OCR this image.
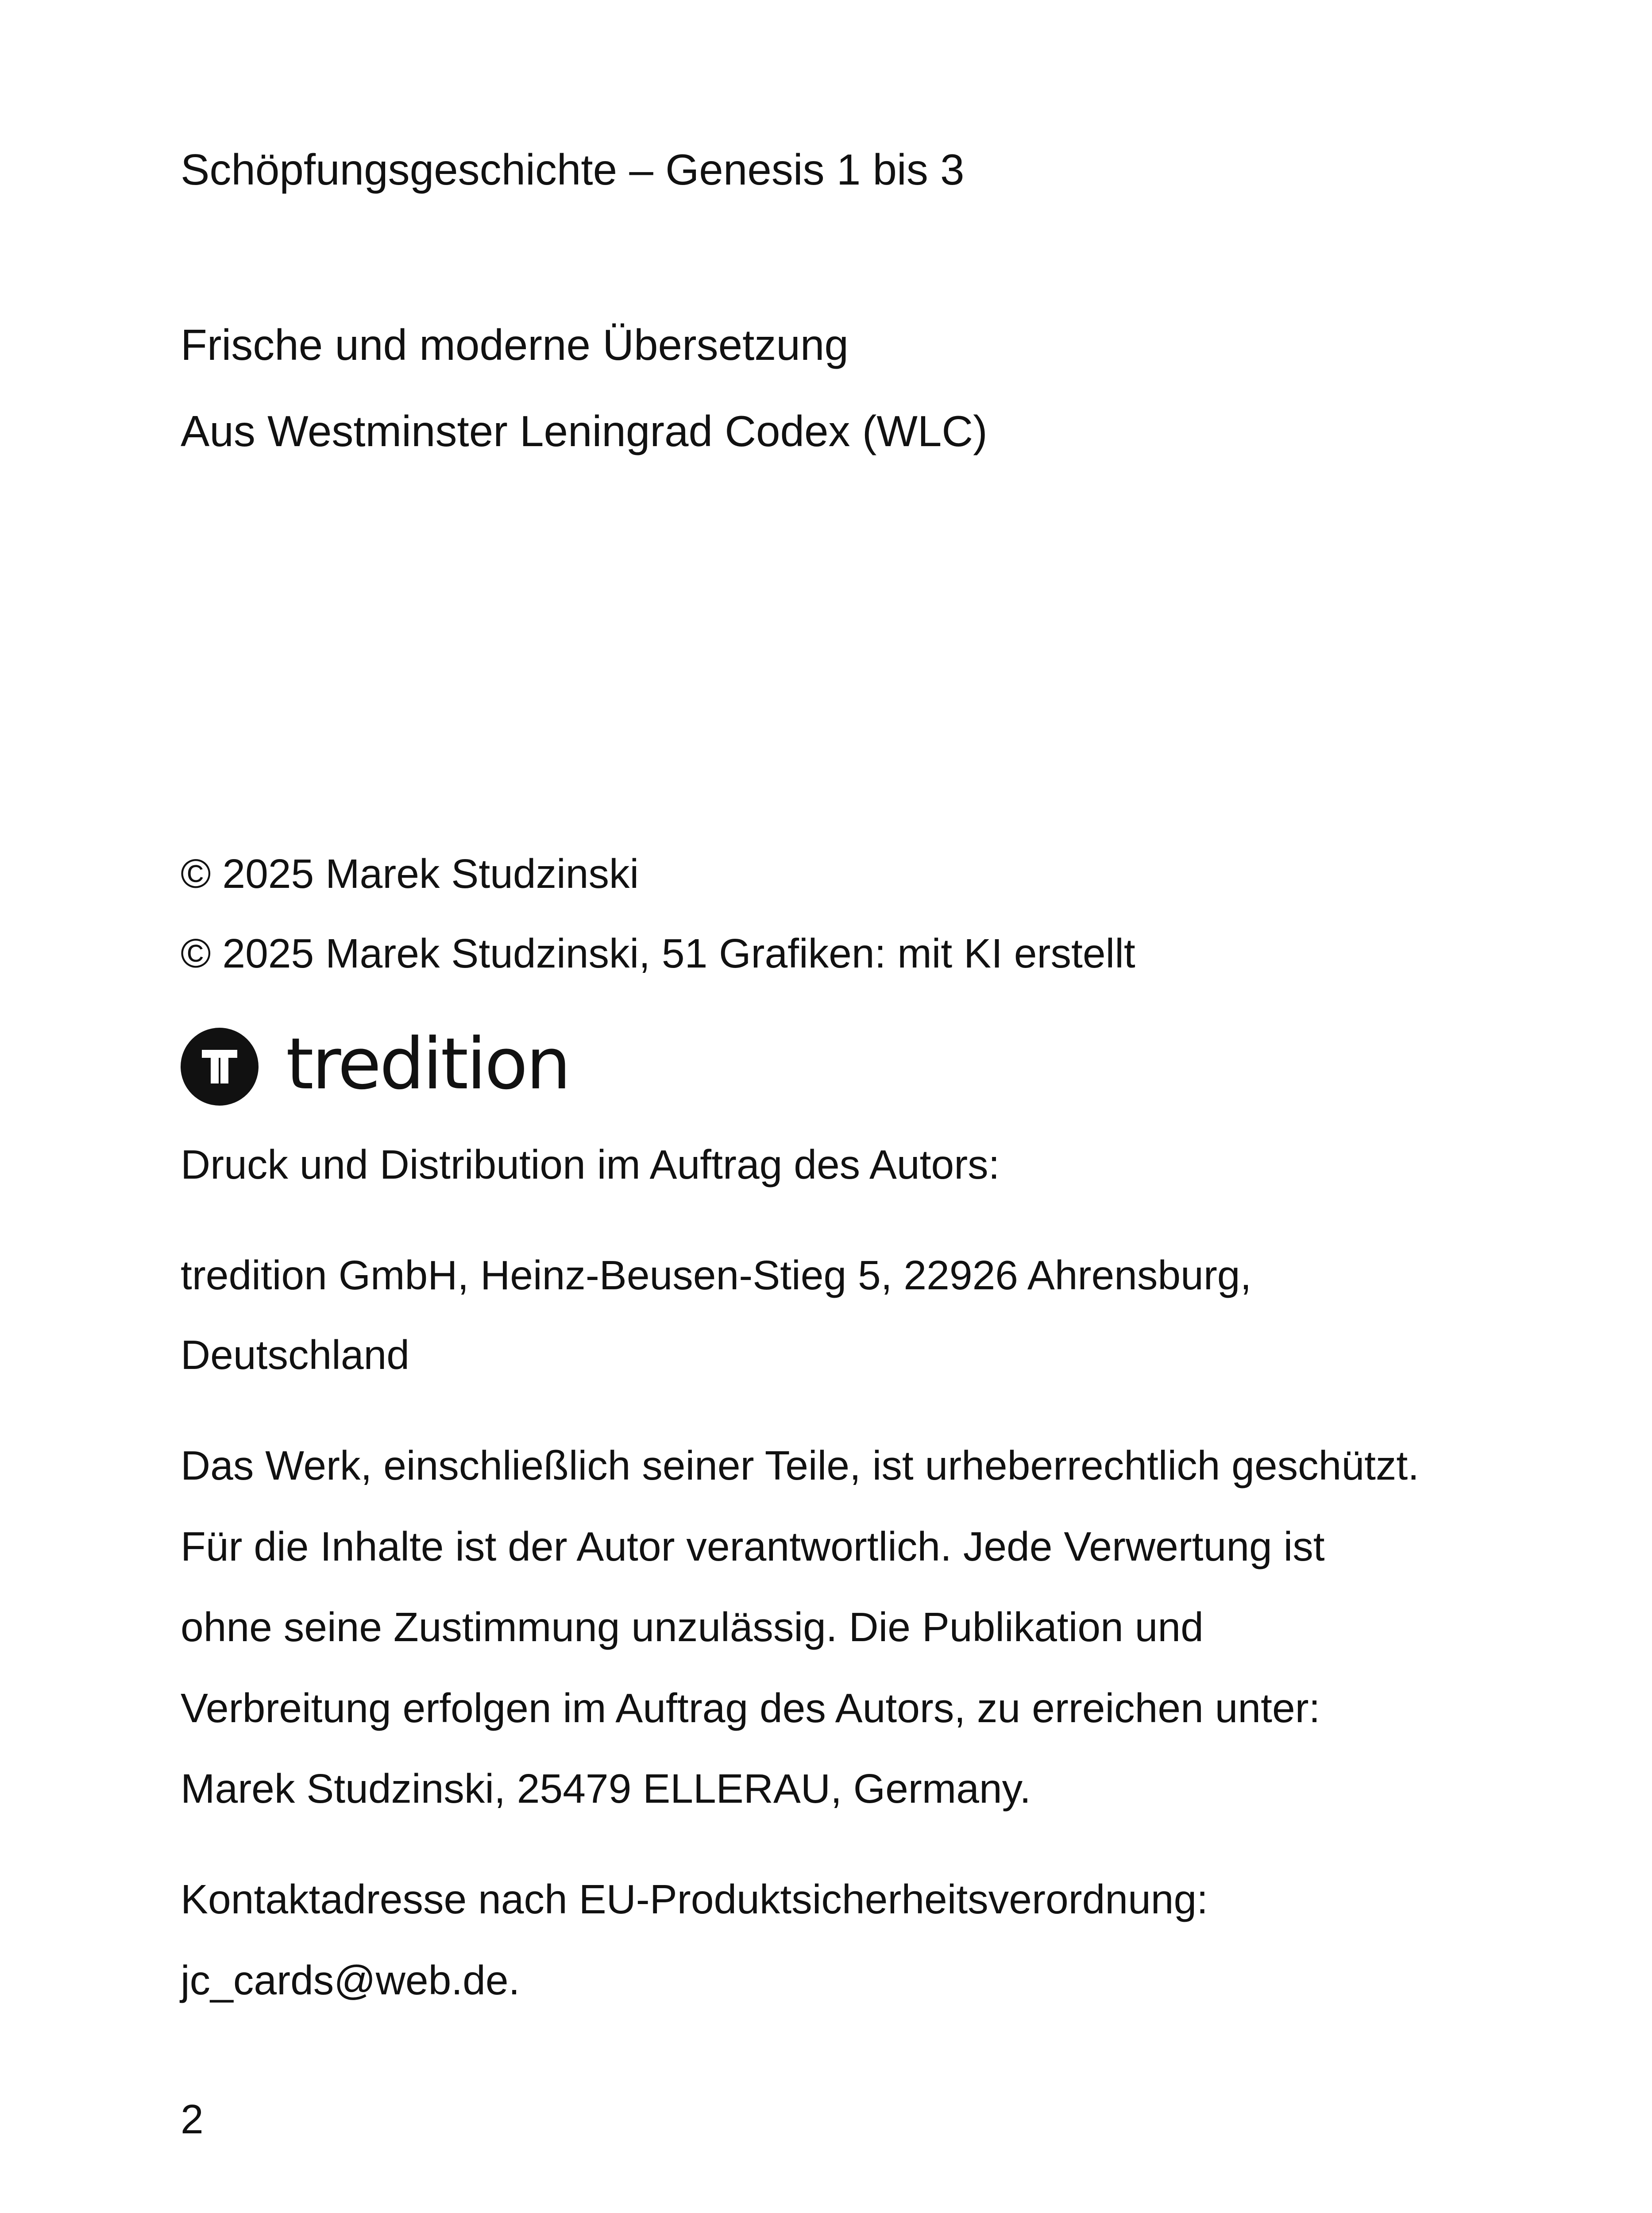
Schöpfungsgeschichte – Genesis 1 bis 3

Frische und moderne Übersetzung

Aus Westminster Leningrad Codex (WLC)

© 2025 Marek Studzinski

© 2025 Marek Studzinski, 51 Grafiken: mit KI erstellt

tredition

Druck und Distribution im Auftrag des Autors:

tredition GmbH, Heinz-Beusen-Stieg 5, 22926 Ahrensburg,

Deutschland

Das Werk, einschließlich seiner Teile, ist urheberrechtlich geschützt.

Für die Inhalte ist der Autor verantwortlich. Jede Verwertung ist

ohne seine Zustimmung unzulässig. Die Publikation und

Verbreitung erfolgen im Auftrag des Autors, zu erreichen unter:

Marek Studzinski, 25479 ELLERAU, Germany.

Kontaktadresse nach EU-Produktsicherheitsverordnung:

jc_cards@web.de.

2
